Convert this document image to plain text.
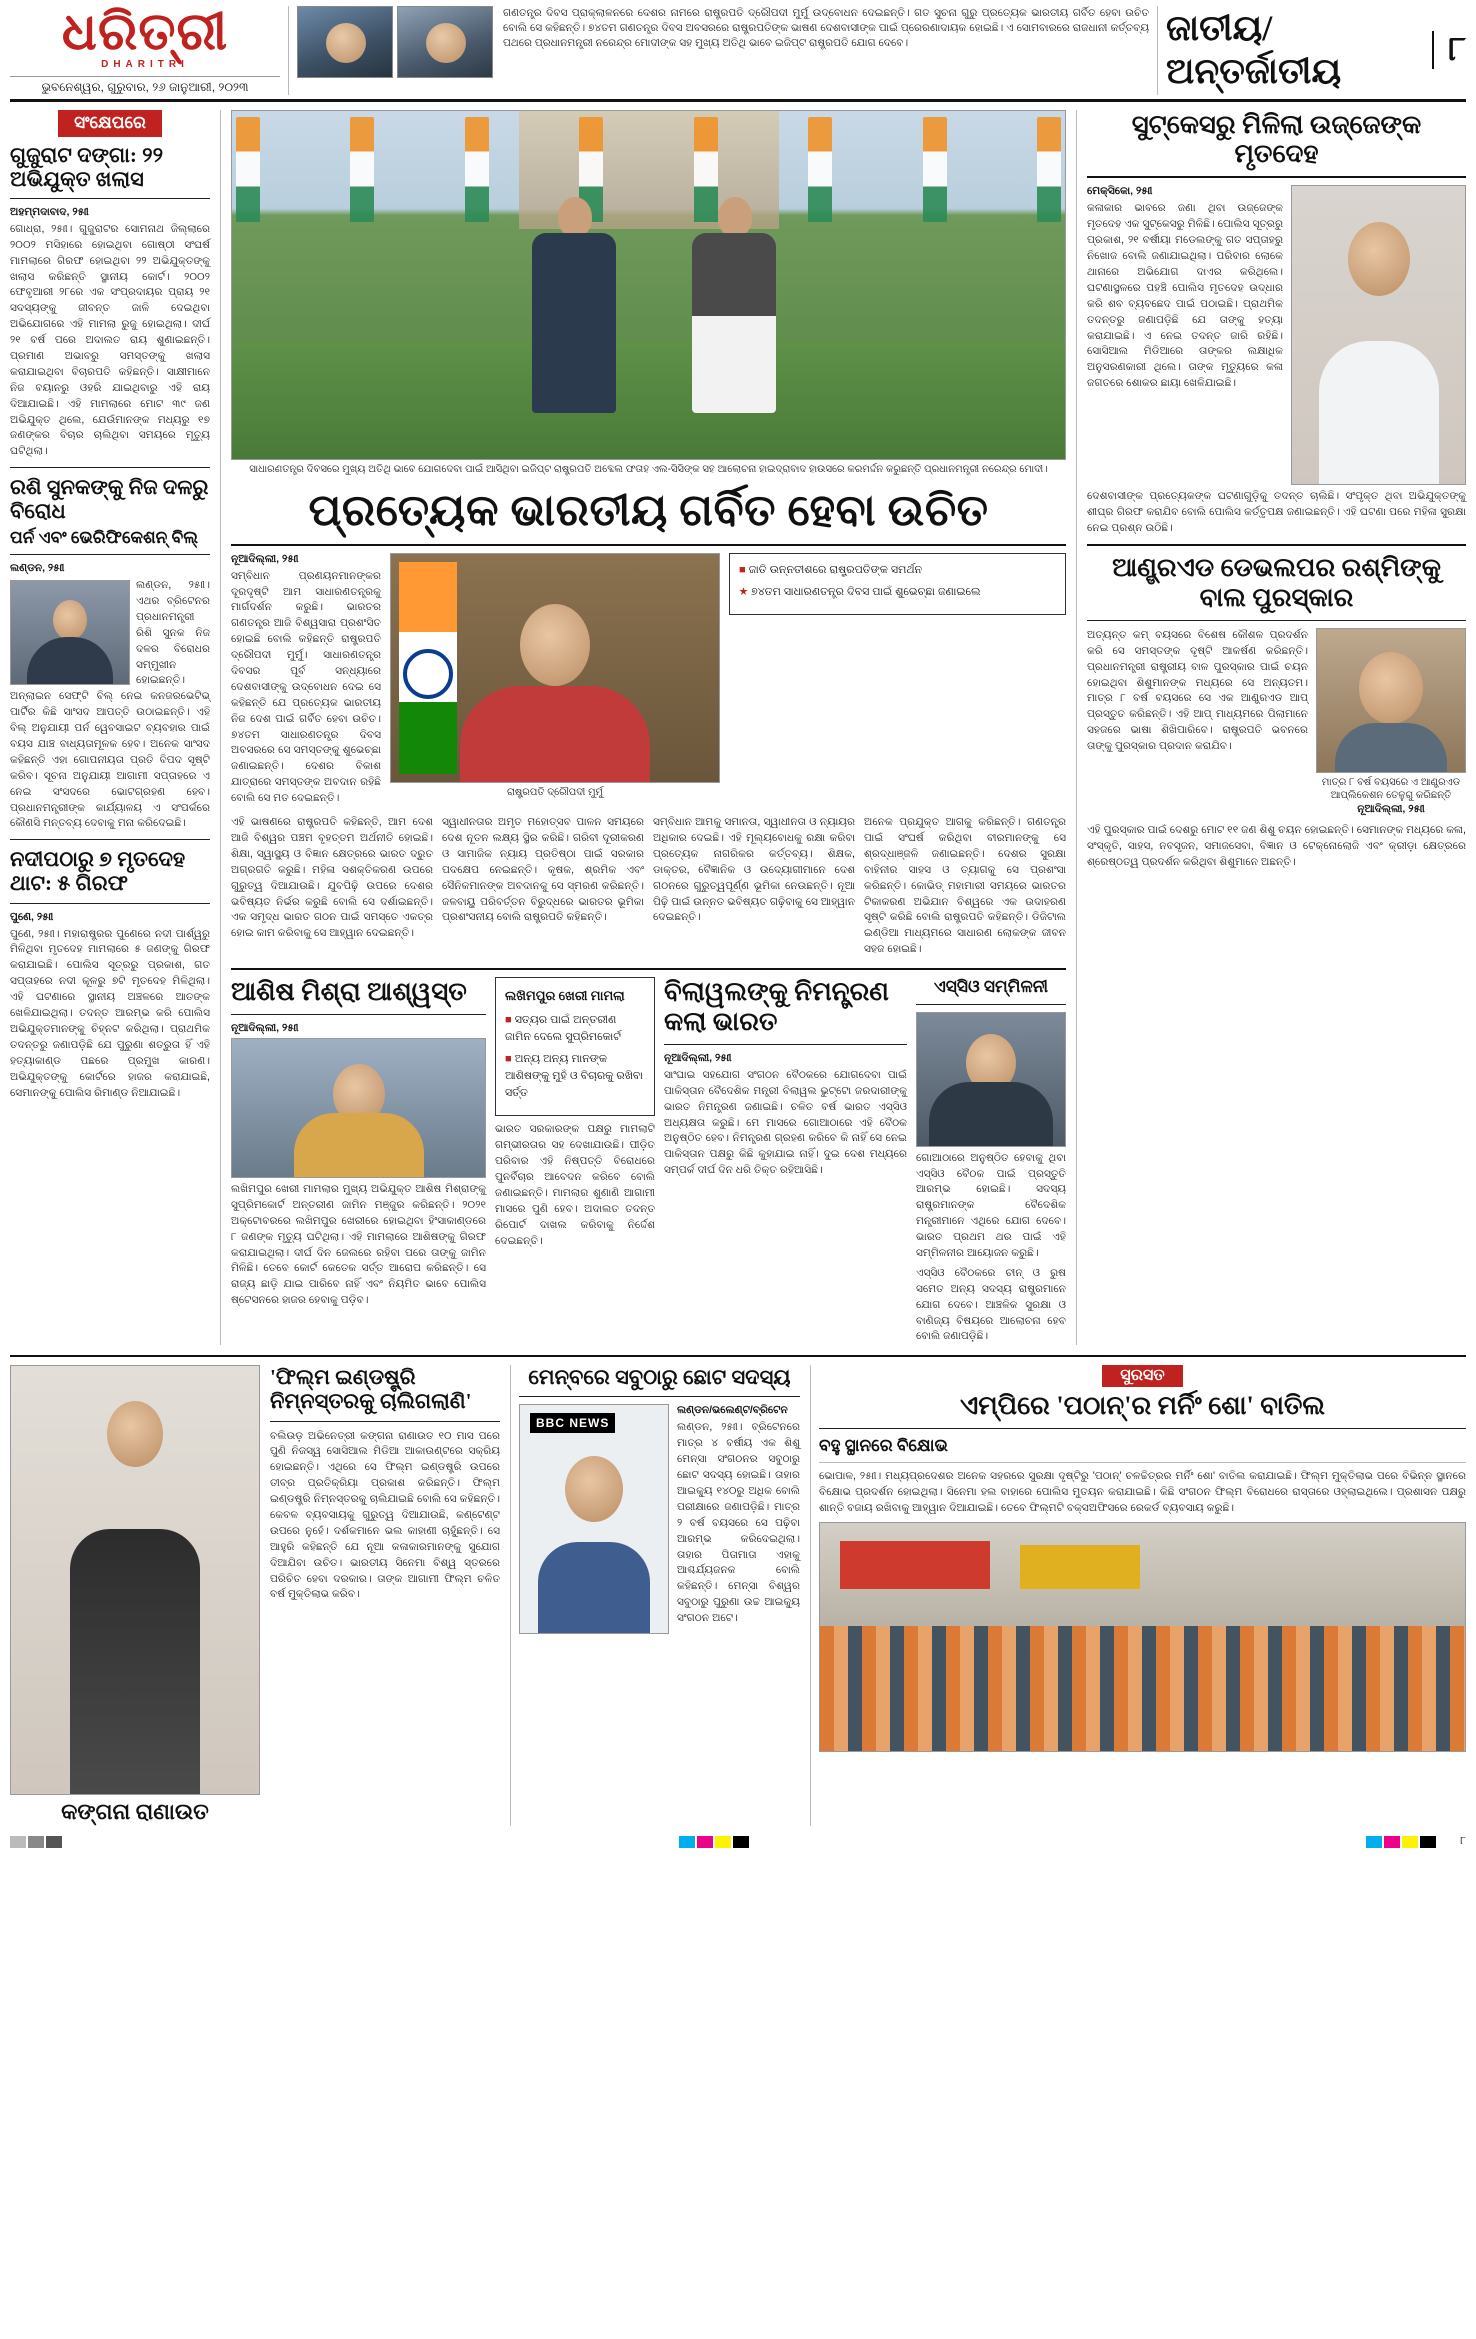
ଧରିତ୍ରୀ
DHARITRI
ଭୁବନେଶ୍ୱର, ଗୁରୁବାର, ୨୬ ଜାନୁଆରୀ, ୨୦୨୩
ଗଣତନ୍ତ୍ର ଦିବସ ପ୍ରାକ୍ଲାଳନରେ ଦେଶର ନାମରେ ରାଷ୍ଟ୍ରପତି ଦ୍ରୌପଦୀ ମୁର୍ମୁ ଉଦ୍ବୋଧନ ଦେଇଛନ୍ତି। ଗତ ସୁଚନା ଗୁରୁ ପ୍ରତ୍ୟେକ ଭାରତୀୟ ଗର୍ବିତ ହେବା ଉଚିତ ବୋଲି ସେ କହିଛନ୍ତି। ୭୪ତମ ଗଣତନ୍ତ୍ର ଦିବସ ଅବସରରେ ରାଷ୍ଟ୍ରପତିଙ୍କ ଭାଷଣ ଦେଶବାସୀଙ୍କ ପାଇଁ ପ୍ରେରଣାଦାୟକ ହୋଇଛି। ଏ ସୋମବାରରେ ରାଜଧାନୀ କର୍ତ୍ତବ୍ୟ ପଥରେ ପ୍ରଧାନମନ୍ତ୍ରୀ ନରେନ୍ଦ୍ର ମୋଦୀଙ୍କ ସହ ମୁଖ୍ୟ ଅତିଥି ଭାବେ ଇଜିପ୍ଟ ରାଷ୍ଟ୍ରପତି ଯୋଗ ଦେବେ।	ଜାତୀୟ/ଅନ୍ତର୍ଜାତୀୟ
୮
ସଂକ୍ଷେପରେ
ଗୁଜୁରାଟ ଦଙ୍ଗା: ୨୨ ଅଭିଯୁକ୍ତ ଖଲାସ
ଅହମ୍ମଦାବାଦ, ୨୫ାୀ
ଗୋଧ୍ରା, ୨୫ାୀ। ଗୁଜୁରାଟର ସୋମନାଥ ଜିଲ୍ଲାରେ ୨୦୦୨ ମସିହାରେ ହୋଇଥିବା ଗୋଷ୍ଠୀ ସଂଘର୍ଷ ମାମଲାରେ ଗିରଫ ହୋଇଥିବା ୨୨ ଅଭିଯୁକ୍ତଙ୍କୁ ଖଲାସ କରିଛନ୍ତି ସ୍ଥାନୀୟ କୋର୍ଟ। ୨୦୦୨ ଫେବୃଆରୀ ୨୮ରେ ଏକ ସଂପ୍ରଦାୟର ପ୍ରାୟ ୨୧ ସଦସ୍ୟଙ୍କୁ ଜୀବନ୍ତ ଜାଳି ଦେଇଥିବା ଅଭିଯୋଗରେ ଏହି ମାମଲା ରୁଜୁ ହୋଇଥିଲା। ଦୀର୍ଘ ୨୧ ବର୍ଷ ପରେ ଅଦାଲତ ରାୟ ଶୁଣାଇଛନ୍ତି। ପ୍ରମାଣ ଅଭାବରୁ ସମସ୍ତଙ୍କୁ ଖଲାସ କରାଯାଇଥିବା ବିଚାରପତି କହିଛନ୍ତି। ସାକ୍ଷୀମାନେ ନିଜ ବୟାନରୁ ଓହରି ଯାଇଥିବାରୁ ଏହି ରାୟ ଦିଆଯାଇଛି। ଏହି ମାମଲାରେ ମୋଟ ୩୯ ଜଣ ଅଭିଯୁକ୍ତ ଥିଲେ, ଯେଉଁମାନଙ୍କ ମଧ୍ୟରୁ ୧୭ ଜଣଙ୍କର ବିଚାର ଚାଲିଥିବା ସମୟରେ ମୃତ୍ୟୁ ଘଟିଥିଲା।
ରଶି ସୁନକଙ୍କୁ ନିଜ ଦଳରୁ ବିରୋଧ
ପର୍ନ ଏବଂ ଭେରିଫିକେଶନ୍ ବିଲ୍
ଲଣ୍ଡନ, ୨୫ାୀ
ଲଣ୍ଡନ, ୨୫ାୀ। ଏଥର ବ୍ରିଟେନର ପ୍ରଧାନମନ୍ତ୍ରୀ ରିଶି ସୁନକ ନିଜ ଦଳର ବିରୋଧର ସମ୍ମୁଖୀନ ହୋଇଛନ୍ତି। ଅନ୍‌ଲାଇନ ସେଫ୍ଟି ବିଲ୍ ନେଇ କନଜରଭେଟିଭ୍ ପାର୍ଟିର କିଛି ସାଂସଦ ଆପତ୍ତି ଉଠାଇଛନ୍ତି। ଏହି ବିଲ୍ ଅନୁଯାୟୀ ପର୍ନ ୱେବସାଇଟ ବ୍ୟବହାର ପାଇଁ ବୟସ ଯାଞ୍ଚ ବାଧ୍ୟତାମୂଳକ ହେବ। ଅନେକ ସାଂସଦ କହିଛନ୍ତି ଏହା ଗୋପନୀୟତା ପ୍ରତି ବିପଦ ସୃଷ୍ଟି କରିବ। ସୂଚନା ଅନୁଯାୟୀ ଆଗାମୀ ସପ୍ତାହରେ ଏ ନେଇ ସଂସଦରେ ଭୋଟଗ୍ରହଣ ହେବ। ପ୍ରଧାନମନ୍ତ୍ରୀଙ୍କ କାର୍ଯ୍ୟାଳୟ ଏ ସଂପର୍କରେ କୌଣସି ମନ୍ତବ୍ୟ ଦେବାକୁ ମନା କରିଦେଇଛି।
ନଦୀପଠାରୁ ୭ ମୃତଦେହ ଥାଟ: ୫ ଗିରଫ
ପୁଣେ, ୨୫ାୀ
ପୁଣେ, ୨୫ାୀ। ମହାରାଷ୍ଟ୍ରର ପୁଣେରେ ନଦୀ ପାର୍ଶ୍ୱରୁ ମିଳିଥିବା ମୃତଦେହ ମାମଲାରେ ୫ ଜଣଙ୍କୁ ଗିରଫ କରାଯାଇଛି। ପୋଲିସ ସୂତ୍ରରୁ ପ୍ରକାଶ, ଗତ ସପ୍ତାହରେ ନଦୀ କୂଳରୁ ୭ଟି ମୃତଦେହ ମିଳିଥିଲା। ଏହି ଘଟଣାରେ ସ୍ଥାନୀୟ ଅଞ୍ଚଳରେ ଆତଙ୍କ ଖେଳିଯାଇଥିଲା। ତଦନ୍ତ ଆରମ୍ଭ କରି ପୋଲିସ ଅଭିଯୁକ୍ତମାନଙ୍କୁ ଚିହ୍ନଟ କରିଥିଲା। ପ୍ରାଥମିକ ତଦନ୍ତରୁ ଜଣାପଡ଼ିଛି ଯେ ପୁରୁଣା ଶତ୍ରୁତା ହିଁ ଏହି ହତ୍ୟାକାଣ୍ଡ ପଛରେ ପ୍ରମୁଖ କାରଣ। ଅଭିଯୁକ୍ତଙ୍କୁ କୋର୍ଟରେ ହାଜର କରାଯାଇଛି, ସେମାନଙ୍କୁ ପୋଲିସ ରିମାଣ୍ଡ ନିଆଯାଇଛି।
ସାଧାରଣତନ୍ତ୍ର ଦିବସରେ ମୁଖ୍ୟ ଅତିଥି ଭାବେ ଯୋଗଦେବା ପାଇଁ ଆସିଥିବା ଇଜିପ୍ଟ ରାଷ୍ଟ୍ରପତି ଅବ୍ଦେଲ ଫତାହ ଏଲ-ସିସିଙ୍କ ସହ ଆଲୋଚନା ହାଇଦ୍ରାବାଦ ହାଉସରେ କରମର୍ଦ୍ଦନ କରୁଛନ୍ତି ପ୍ରଧାନମନ୍ତ୍ରୀ ନରେନ୍ଦ୍ର ମୋଦୀ।
ପ୍ରତ୍ୟେକ ଭାରତୀୟ ଗର୍ବିତ ହେବା ଉଚିତ
ନୂଆଦିଲ୍ଲୀ, ୨୫ାୀ
ସମ୍ବିଧାନ ପ୍ରଣୟନମାନଙ୍କର ଦୂରଦୃଷ୍ଟି ଆମ ସାଧାରଣତନ୍ତ୍ରକୁ ମାର୍ଗଦର୍ଶନ କରୁଛି। ଭାରତର ଗଣତନ୍ତ୍ର ଆଜି ବିଶ୍ୱସାରା ପ୍ରଶଂସିତ ହୋଇଛି ବୋଲି କହିଛନ୍ତି ରାଷ୍ଟ୍ରପତି ଦ୍ରୌପଦୀ ମୁର୍ମୁ। ସାଧାରଣତନ୍ତ୍ର ଦିବସର ପୂର୍ବ ସନ୍ଧ୍ୟାରେ ଦେଶବାସୀଙ୍କୁ ଉଦ୍ବୋଧନ ଦେଇ ସେ କହିଛନ୍ତି ଯେ ପ୍ରତ୍ୟେକ ଭାରତୀୟ ନିଜ ଦେଶ ପାଇଁ ଗର୍ବିତ ହେବା ଉଚିତ। ୭୪ତମ ସାଧାରଣତନ୍ତ୍ର ଦିବସ ଅବସରରେ ସେ ସମସ୍ତଙ୍କୁ ଶୁଭେଚ୍ଛା ଜଣାଇଛନ୍ତି। ଦେଶର ବିକାଶ ଯାତ୍ରାରେ ସମସ୍ତଙ୍କ ଅବଦାନ ରହିଛି ବୋଲି ସେ ମତ ଦେଇଛନ୍ତି।	ରାଷ୍ଟ୍ରପତି ଦ୍ରୌପଦୀ ମୁର୍ମୁ
■ ଜାତି ଉନ୍ନତୀଶରେ ରାଷ୍ଟ୍ରପତିଙ୍କ ସମର୍ଥନ
★ ୭୪ତମ ସାଧାରଣତନ୍ତ୍ର ଦିବସ ପାଇଁ ଶୁଭେଚ୍ଛା ଜଣାଇଲେ
ଏହି ଭାଷଣରେ ରାଷ୍ଟ୍ରପତି କହିଛନ୍ତି, ଆମ ଦେଶ ଆଜି ବିଶ୍ୱର ପଞ୍ଚମ ବୃହତ୍ତମ ଅର୍ଥନୀତି ହୋଇଛି। ଶିକ୍ଷା, ସ୍ୱାସ୍ଥ୍ୟ ଓ ବିଜ୍ଞାନ କ୍ଷେତ୍ରରେ ଭାରତ ଦ୍ରୁତ ଅଗ୍ରଗତି କରୁଛି। ମହିଳା ସଶକ୍ତିକରଣ ଉପରେ ଗୁରୁତ୍ୱ ଦିଆଯାଉଛି। ଯୁବପିଢ଼ି ଉପରେ ଦେଶର ଭବିଷ୍ୟତ ନିର୍ଭର କରୁଛି ବୋଲି ସେ ଦର୍ଶାଇଛନ୍ତି। ଏକ ସମୃଦ୍ଧ ଭାରତ ଗଠନ ପାଇଁ ସମସ୍ତେ ଏକତ୍ର ହୋଇ କାମ କରିବାକୁ ସେ ଆହ୍ୱାନ ଦେଇଛନ୍ତି।
ସ୍ୱାଧୀନତାର ଅମୃତ ମହୋତ୍ସବ ପାଳନ ସମୟରେ ଦେଶ ନୂତନ ଲକ୍ଷ୍ୟ ସ୍ଥିର କରିଛି। ଗରିବୀ ଦୂରୀକରଣ ଓ ସାମାଜିକ ନ୍ୟାୟ ପ୍ରତିଷ୍ଠା ପାଇଁ ସରକାର ପଦକ୍ଷେପ ନେଇଛନ୍ତି। କୃଷକ, ଶ୍ରମିକ ଏବଂ ସୈନିକମାନଙ୍କ ଅବଦାନକୁ ସେ ସ୍ମରଣ କରିଛନ୍ତି। ଜଳବାୟୁ ପରିବର୍ତ୍ତନ ବିରୁଦ୍ଧରେ ଭାରତର ଭୂମିକା ପ୍ରଶଂସନୀୟ ବୋଲି ରାଷ୍ଟ୍ରପତି କହିଛନ୍ତି।
ସମ୍ବିଧାନ ଆମକୁ ସମାନତା, ସ୍ୱାଧୀନତା ଓ ନ୍ୟାୟର ଅଧିକାର ଦେଇଛି। ଏହି ମୂଲ୍ୟବୋଧକୁ ରକ୍ଷା କରିବା ପ୍ରତ୍ୟେକ ନାଗରିକର କର୍ତ୍ତବ୍ୟ। ଶିକ୍ଷକ, ଡାକ୍ତର, ବୈଜ୍ଞାନିକ ଓ ଉଦ୍ୟୋଗୀମାନେ ଦେଶ ଗଠନରେ ଗୁରୁତ୍ୱପୂର୍ଣ୍ଣ ଭୂମିକା ନେଉଛନ୍ତି। ନୂଆ ପିଢ଼ି ପାଇଁ ଉନ୍ନତ ଭବିଷ୍ୟତ ଗଢ଼ିବାକୁ ସେ ଆହ୍ୱାନ ଦେଇଛନ୍ତି।
ଅନେକ ପ୍ରଯୁକ୍ତ ଆଗକୁ କରିଛନ୍ତି। ଗଣତନ୍ତ୍ର ପାଇଁ ସଂଘର୍ଷ କରିଥିବା ବୀରମାନଙ୍କୁ ସେ ଶ୍ରଦ୍ଧାଞ୍ଜଳି ଜଣାଇଛନ୍ତି। ଦେଶର ସୁରକ୍ଷା ବାହିନୀର ସାହସ ଓ ତ୍ୟାଗକୁ ସେ ପ୍ରଶଂସା କରିଛନ୍ତି। କୋଭିଡ୍ ମହାମାରୀ ସମୟରେ ଭାରତର ଟିକାକରଣ ଅଭିଯାନ ବିଶ୍ୱରେ ଏକ ଉଦାହରଣ ସୃଷ୍ଟି କରିଛି ବୋଲି ରାଷ୍ଟ୍ରପତି କହିଛନ୍ତି। ଡିଜିଟାଲ ଇଣ୍ଡିଆ ମାଧ୍ୟମରେ ସାଧାରଣ ଲୋକଙ୍କ ଜୀବନ ସହଜ ହୋଇଛି।
ଆଶିଷ ମିଶ୍ରା ଆଶ୍ୱସ୍ତ
ନୂଆଦିଲ୍ଲୀ, ୨୫ାୀ
ଲଖିମପୁର ଖେରୀ ମାମଲାର ମୁଖ୍ୟ ଅଭିଯୁକ୍ତ ଆଶିଷ ମିଶ୍ରାଙ୍କୁ ସୁପ୍ରିମକୋର୍ଟ ଅନ୍ତରୀଣ ଜାମିନ ମଞ୍ଜୁର କରିଛନ୍ତି। ୨୦୨୧ ଅକ୍ଟୋବରରେ ଲଖିମପୁର ଖେରୀରେ ହୋଇଥିବା ହିଂସାକାଣ୍ଡରେ ୮ ଜଣଙ୍କ ମୃତ୍ୟୁ ଘଟିଥିଲା। ଏହି ମାମଲାରେ ଆଶିଷଙ୍କୁ ଗିରଫ କରାଯାଇଥିଲା। ଦୀର୍ଘ ଦିନ ଜେଲରେ ରହିବା ପରେ ତାଙ୍କୁ ଜାମିନ ମିଳିଛି। ତେବେ କୋର୍ଟ କେତେକ ସର୍ତ୍ତ ଆରୋପ କରିଛନ୍ତି। ସେ ରାଜ୍ୟ ଛାଡ଼ି ଯାଇ ପାରିବେ ନାହିଁ ଏବଂ ନିୟମିତ ଭାବେ ପୋଲିସ ଷ୍ଟେସନରେ ହାଜର ହେବାକୁ ପଡ଼ିବ।
ଲଖିମପୁର ଖେରୀ ମାମଲା
■ ସତ୍ୟର ପାଇଁ ଅନ୍ତରୀଣ ଜାମିନ ଦେଲେ ସୁପ୍ରିମକୋର୍ଟ
■ ଅନ୍ୟ ଅନ୍ୟ ମାନଙ୍କ ଆଶିଷଙ୍କୁ ମୁହଁ ଓ ବିଚାରକୁ ରଖିବା ସର୍ତ୍ତ
ଭାରତ ସରକାରଙ୍କ ପକ୍ଷରୁ ମାମଲାଟି ଗମ୍ଭୀରତାର ସହ ଦେଖାଯାଉଛି। ପୀଡ଼ିତ ପରିବାର ଏହି ନିଷ୍ପତ୍ତି ବିରୋଧରେ ପୁନର୍ବିଚାର ଆବେଦନ କରିବେ ବୋଲି ଜଣାଇଛନ୍ତି। ମାମଲାର ଶୁଣାଣି ଆଗାମୀ ମାସରେ ପୁଣି ହେବ। ଅଦାଲତ ତଦନ୍ତ ରିପୋର୍ଟ ଦାଖଲ କରିବାକୁ ନିର୍ଦ୍ଦେଶ ଦେଇଛନ୍ତି।
ବିଲାୱଲଙ୍କୁ ନିମନ୍ତ୍ରଣ କଲା ଭାରତ
ନୂଆଦିଲ୍ଲୀ, ୨୫ାୀ
ସାଂଘାଇ ସହଯୋଗ ସଂଗଠନ ବୈଠକରେ ଯୋଗଦେବା ପାଇଁ ପାକିସ୍ତାନ ବୈଦେଶିକ ମନ୍ତ୍ରୀ ବିଲାୱଲ ଭୁଟ୍ଟୋ ଜରଦାରୀଙ୍କୁ ଭାରତ ନିମନ୍ତ୍ରଣ ଜଣାଇଛି। ଚଳିତ ବର୍ଷ ଭାରତ ଏସ୍‌ସିଓ ଅଧ୍ୟକ୍ଷତା କରୁଛି। ମେ ମାସରେ ଗୋଆଠାରେ ଏହି ବୈଠକ ଅନୁଷ୍ଠିତ ହେବ। ନିମନ୍ତ୍ରଣ ଗ୍ରହଣ କରିବେ କି ନାହିଁ ସେ ନେଇ ପାକିସ୍ତାନ ପକ୍ଷରୁ କିଛି କୁହାଯାଇ ନାହିଁ। ଦୁଇ ଦେଶ ମଧ୍ୟରେ ସମ୍ପର୍କ ଦୀର୍ଘ ଦିନ ଧରି ତିକ୍ତ ରହିଆସିଛି।
ଏସ୍‌ସିଓ ସମ୍ମିଳନୀ
ଗୋଆଠାରେ ଅନୁଷ୍ଠିତ ହେବାକୁ ଥିବା ଏସ୍‌ସିଓ ବୈଠକ ପାଇଁ ପ୍ରସ୍ତୁତି ଆରମ୍ଭ ହୋଇଛି। ସଦସ୍ୟ ରାଷ୍ଟ୍ରମାନଙ୍କ ବୈଦେଶିକ ମନ୍ତ୍ରୀମାନେ ଏଥିରେ ଯୋଗ ଦେବେ। ଭାରତ ପ୍ରଥମ ଥର ପାଇଁ ଏହି ସମ୍ମିଳନୀର ଆୟୋଜନ କରୁଛି।
ଏସ୍‌ସିଓ ବୈଠକରେ ଚୀନ୍ ଓ ରୁଷ ସମେତ ଅନ୍ୟ ସଦସ୍ୟ ରାଷ୍ଟ୍ରମାନେ ଯୋଗ ଦେବେ। ଆଞ୍ଚଳିକ ସୁରକ୍ଷା ଓ ବାଣିଜ୍ୟ ବିଷୟରେ ଆଲୋଚନା ହେବ ବୋଲି ଜଣାପଡ଼ିଛି।
ସୁଟ୍‌କେସରୁ ମିଳିଲା ଉଜ୍ଜେଙ୍କ ମୃତଦେହ
ମେକ୍ସିକୋ, ୨୫ାୀ
କଳାକାର ଭାବରେ ଜଣା ଥିବା ଉଜ୍ଜେଙ୍କ ମୃତଦେହ ଏକ ସୁଟ୍‌କେସରୁ ମିଳିଛି। ପୋଲିସ ସୂତ୍ରରୁ ପ୍ରକାଶ, ୨୧ ବର୍ଷୀୟା ମଡେଲଙ୍କୁ ଗତ ସପ୍ତାହରୁ ନିଖୋଜ ବୋଲି ଜଣାଯାଇଥିଲା। ପରିବାର ଲୋକେ ଥାନାରେ ଅଭିଯୋଗ ଦାଏର କରିଥିଲେ। ଘଟଣାସ୍ଥଳରେ ପହଞ୍ଚି ପୋଲିସ ମୃତଦେହ ଉଦ୍ଧାର କରି ଶବ ବ୍ୟବଛେଦ ପାଇଁ ପଠାଇଛି। ପ୍ରାଥମିକ ତଦନ୍ତରୁ ଜଣାପଡ଼ିଛି ଯେ ତାଙ୍କୁ ହତ୍ୟା କରାଯାଇଛି। ଏ ନେଇ ତଦନ୍ତ ଜାରି ରହିଛି। ସୋସିଆଲ ମିଡିଆରେ ତାଙ୍କର ଲକ୍ଷାଧିକ ଅନୁସରଣକାରୀ ଥିଲେ। ତାଙ୍କ ମୃତ୍ୟୁରେ କଳା ଜଗତରେ ଶୋକର ଛାୟା ଖେଳିଯାଇଛି।
ଦେଶବାସୀଙ୍କ ପ୍ରତ୍ୟେକଙ୍କ ଘଟଣାଗୁଡ଼ିକୁ ତଦନ୍ତ ଚାଲିଛି। ସଂପୃକ୍ତ ଥିବା ଅଭିଯୁକ୍ତଙ୍କୁ ଶୀଘ୍ର ଗିରଫ କରାଯିବ ବୋଲି ପୋଲିସ କର୍ତ୍ତୃପକ୍ଷ ଜଣାଇଛନ୍ତି। ଏହି ଘଟଣା ପରେ ମହିଳା ସୁରକ୍ଷା ନେଇ ପ୍ରଶ୍ନ ଉଠିଛି।
ଆଣ୍ଡ୍ରଏଡ ଡେଭଲପର ରଶ୍ମିଙ୍କୁ ବାଲ ପୁରସ୍କାର
ଅତ୍ୟନ୍ତ କମ୍ ବୟସରେ ବିଶେଷ କୌଶଳ ପ୍ରଦର୍ଶନ କରି ସେ ସମସ୍ତଙ୍କ ଦୃଷ୍ଟି ଆକର୍ଷଣ କରିଛନ୍ତି। ପ୍ରଧାନମନ୍ତ୍ରୀ ରାଷ୍ଟ୍ରୀୟ ବାଳ ପୁରସ୍କାର ପାଇଁ ଚୟନ ହୋଇଥିବା ଶିଶୁମାନଙ୍କ ମଧ୍ୟରେ ସେ ଅନ୍ୟତମ। ମାତ୍ର ୮ ବର୍ଷ ବୟସରେ ସେ ଏକ ଆଣ୍ଡ୍ରଏଡ ଆପ୍ ପ୍ରସ୍ତୁତ କରିଛନ୍ତି। ଏହି ଆପ୍ ମାଧ୍ୟମରେ ପିଲାମାନେ ସହଜରେ ଭାଷା ଶିଖିପାରିବେ। ରାଷ୍ଟ୍ରପତି ଭବନରେ ତାଙ୍କୁ ପୁରସ୍କାର ପ୍ରଦାନ କରାଯିବ।
ମାତ୍ର ୮ ବର୍ଷ ବୟସରେ ଏ ଆଣ୍ଡ୍ରଏଡ ଆପ୍ଲିକେଶନ ତେଳୁଗୁ କରିଛନ୍ତି
ନୂଆଦିଲ୍ଲୀ, ୨୫ାୀ
ଏହି ପୁରସ୍କାର ପାଇଁ ଦେଶରୁ ମୋଟ ୧୧ ଜଣ ଶିଶୁ ଚୟନ ହୋଇଛନ୍ତି। ସେମାନଙ୍କ ମଧ୍ୟରେ କଳା, ସଂସ୍କୃତି, ସାହସ, ନବସୃଜନ, ସମାଜସେବା, ବିଜ୍ଞାନ ଓ ଟେକ୍ନୋଲୋଜି ଏବଂ କ୍ରୀଡ଼ା କ୍ଷେତ୍ରରେ ଶ୍ରେଷ୍ଠତ୍ୱ ପ୍ରଦର୍ଶନ କରିଥିବା ଶିଶୁମାନେ ଅଛନ୍ତି।
କଙ୍ଗନା ରାଣାଉତ
'ଫିଲ୍ମ ଇଣ୍ଡଷ୍ଟ୍ରି ନିମ୍ନସ୍ତରକୁ ଚାଲିଗଲାଣି'
ବଲିଉଡ଼ ଅଭିନେତ୍ରୀ କଙ୍ଗନା ରାଣାଉତ ୧୦ ମାସ ପରେ ପୁଣି ନିଜସ୍ୱ ସୋସିଆଲ ମିଡିଆ ଆକାଉଣ୍ଟରେ ସକ୍ରିୟ ହୋଇଛନ୍ତି। ଏଥିରେ ସେ ଫିଲ୍ମ ଇଣ୍ଡଷ୍ଟ୍ରି ଉପରେ ତୀବ୍ର ପ୍ରତିକ୍ରିୟା ପ୍ରକାଶ କରିଛନ୍ତି। ଫିଲ୍ମ ଇଣ୍ଡଷ୍ଟ୍ରି ନିମ୍ନସ୍ତରକୁ ଚାଲିଯାଇଛି ବୋଲି ସେ କହିଛନ୍ତି। କେବଳ ବ୍ୟବସାୟକୁ ଗୁରୁତ୍ୱ ଦିଆଯାଉଛି, କଣ୍ଟେଣ୍ଟ ଉପରେ ନୁହେଁ। ଦର୍ଶକମାନେ ଭଲ କାହାଣୀ ଚାହୁଁଛନ୍ତି। ସେ ଆହୁରି କହିଛନ୍ତି ଯେ ନୂଆ କଳାକାରମାନଙ୍କୁ ସୁଯୋଗ ଦିଆଯିବା ଉଚିତ। ଭାରତୀୟ ସିନେମା ବିଶ୍ୱ ସ୍ତରରେ ପରିଚିତ ହେବା ଦରକାର। ତାଙ୍କ ଆଗାମୀ ଫିଲ୍ମ ଚଳିତ ବର୍ଷ ମୁକ୍ତିଲାଭ କରିବ।
ମେନ୍‌ବରେ ସବୁଠାରୁ ଛୋଟ ସଦସ୍ୟ
BBC NEWS
ଲଣ୍ଡନ/ଭଲେଣ୍ଟ/ବ୍ରିଟେନ
ଲଣ୍ଡନ, ୨୫ାୀ। ବ୍ରିଟେନରେ ମାତ୍ର ୪ ବର୍ଷୀୟ ଏକ ଶିଶୁ ମେନ୍‌ସା ସଂଗଠନର ସବୁଠାରୁ ଛୋଟ ସଦସ୍ୟ ହୋଇଛି। ତାହାର ଆଇକ୍ୟୁ ୧୪୦ରୁ ଅଧିକ ବୋଲି ପରୀକ୍ଷାରେ ଜଣାପଡ଼ିଛି। ମାତ୍ର ୨ ବର୍ଷ ବୟସରେ ସେ ପଢ଼ିବା ଆରମ୍ଭ କରିଦେଇଥିଲା। ତାହାର ପିତାମାତା ଏହାକୁ ଆଶ୍ଚର୍ଯ୍ୟଜନକ ବୋଲି କହିଛନ୍ତି। ମେନ୍‌ସା ବିଶ୍ୱର ସବୁଠାରୁ ପୁରୁଣା ଉଚ୍ଚ ଆଇକ୍ୟୁ ସଂଗଠନ ଅଟେ।
ସୁରସତ
ଏମ୍‌ପିରେ 'ପଠାନ୍‌'ର ମର୍ନିଂ ଶୋ' ବାତିଲ
ବହୁ ସ୍ଥାନରେ ବିକ୍ଷୋଭ
ଭୋପାଳ, ୨୫ାୀ। ମଧ୍ୟପ୍ରଦେଶର ଅନେକ ସହରରେ ସୁରକ୍ଷା ଦୃଷ୍ଟିରୁ 'ପଠାନ୍‌' ଚଳଚ୍ଚିତ୍ରର ମର୍ନିଂ ଶୋ' ବାତିଲ କରାଯାଇଛି। ଫିଲ୍ମ ମୁକ୍ତିଲାଭ ପରେ ବିଭିନ୍ନ ସ୍ଥାନରେ ବିକ୍ଷୋଭ ପ୍ରଦର୍ଶନ ହୋଇଥିଲା। ସିନେମା ହଲ ବାହାରେ ପୋଲିସ ମୁତୟନ କରାଯାଇଛି। କିଛି ସଂଗଠନ ଫିଲ୍ମ ବିରୋଧରେ ରାସ୍ତାରେ ଓହ୍ଲାଇଥିଲେ। ପ୍ରଶାସନ ପକ୍ଷରୁ ଶାନ୍ତି ବଜାୟ ରଖିବାକୁ ଆହ୍ୱାନ ଦିଆଯାଇଛି। ତେବେ ଫିଲ୍ମଟି ବକ୍ସଅଫିସରେ ରେକର୍ଡ ବ୍ୟବସାୟ କରୁଛି।
୮
